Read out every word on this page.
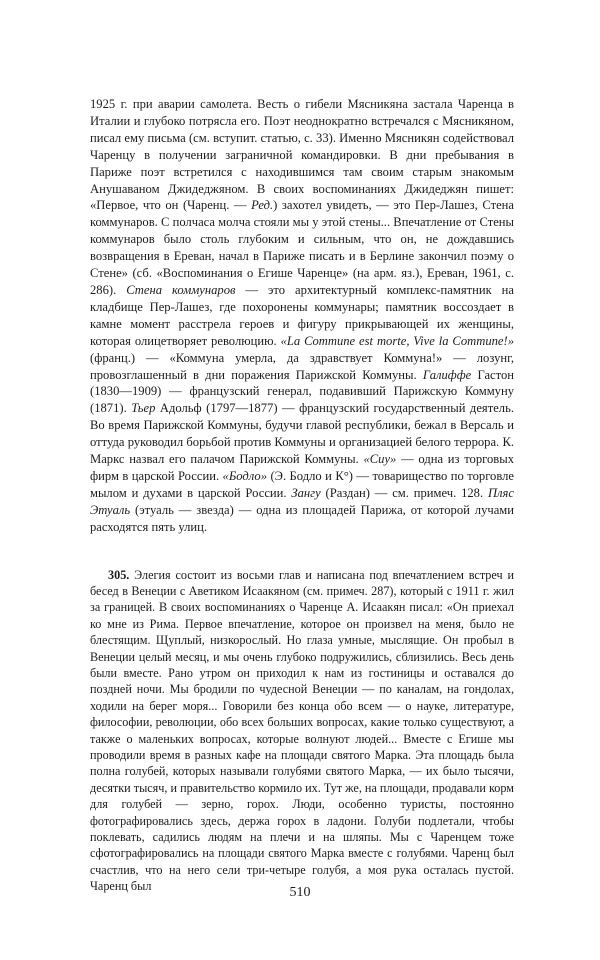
1925 г. при аварии самолета. Весть о гибели Мясникяна застала Чаренца в Италии и глубоко потрясла его. Поэт неоднократно встречался с Мясникяном, писал ему письма (см. вступит. статью, с. 33). Именно Мясникян содействовал Чаренцу в получении заграничной командировки. В дни пребывания в Париже поэт встретился с находившимся там своим старым знакомым Анушаваном Джидеджяном. В своих воспоминаниях Джидеджян пишет: «Первое, что он (Чаренц. — Ред.) захотел увидеть, — это Пер-Лашез, Стена коммунаров. С полчаса молча стояли мы у этой стены... Впечатление от Стены коммунаров было столь глубоким и сильным, что он, не дождавшись возвращения в Ереван, начал в Париже писать и в Берлине закончил поэму о Стене» (сб. «Воспоминания о Егише Чаренце» (на арм. яз.), Ереван, 1961, с. 286). Стена коммунаров — это архитектурный комплекс-памятник на кладбище Пер-Лашез, где похоронены коммунары; памятник воссоздает в камне момент расстрела героев и фигуру прикрывающей их женщины, которая олицетворяет революцию. «La Commune est morte, Vive la Commune!» (франц.) — «Коммуна умерла, да здравствует Коммуна!» — лозунг, провозглашенный в дни поражения Парижской Коммуны. Галиффе Гастон (1830—1909) — французский генерал, подавивший Парижскую Коммуну (1871). Тьер Адольф (1797—1877) — французский государственный деятель. Во время Парижской Коммуны, будучи главой республики, бежал в Версаль и оттуда руководил борьбой против Коммуны и организацией белого террора. К. Маркс назвал его палачом Парижской Коммуны. «Сиу» — одна из торговых фирм в царской России. «Бодло» (Э. Бодло и К°) — товарищество по торговле мылом и духами в царской России. Зангу (Раздан) — см. примеч. 128. Пляс Этуаль (этуаль — звезда) — одна из площадей Парижа, от которой лучами расходятся пять улиц.

305. Элегия состоит из восьми глав и написана под впечатлением встреч и бесед в Венеции с Аветиком Исаакяном (см. примеч. 287), который с 1911 г. жил за границей. В своих воспоминаниях о Чаренце А. Исаакян писал: «Он приехал ко мне из Рима. Первое впечатление, которое он произвел на меня, было не блестящим. Щуплый, низкорослый. Но глаза умные, мыслящие. Он пробыл в Венеции целый месяц, и мы очень глубоко подружились, сблизились. Весь день были вместе. Рано утром он приходил к нам из гостиницы и оставался до поздней ночи. Мы бродили по чудесной Венеции — по каналам, на гондолах, ходили на берег моря... Говорили без конца обо всем — о науке, литературе, философии, революции, обо всех больших вопросах, какие только существуют, а также о маленьких вопросах, которые волнуют людей... Вместе с Егише мы проводили время в разных кафе на площади святого Марка. Эта площадь была полна голубей, которых называли голубями святого Марка, — их было тысячи, десятки тысяч, и правительство кормило их. Тут же, на площади, продавали корм для голубей — зерно, горох. Люди, особенно туристы, постоянно фотографировались здесь, держа горох в ладони. Голуби подлетали, чтобы поклевать, садились людям на плечи и на шляпы. Мы с Чаренцем тоже сфотографировались на площади святого Марка вместе с голубями. Чаренц был счастлив, что на него сели три-четыре голубя, а моя рука осталась пустой. Чаренц был	510
